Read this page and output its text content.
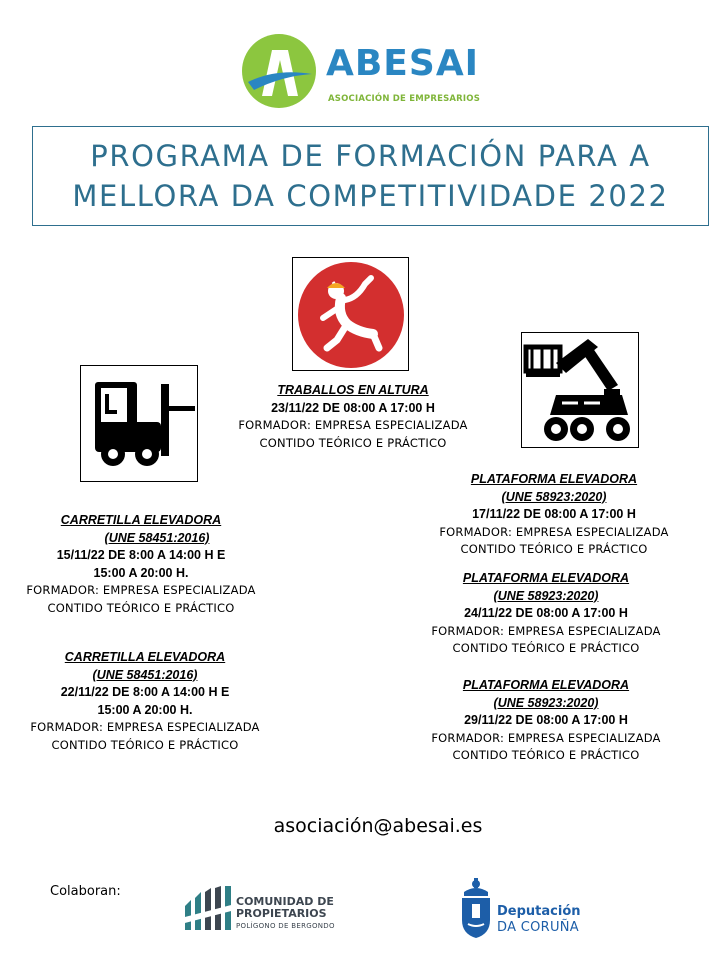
ABESAI
ASOCIACIÓN DE EMPRESARIOS
PROGRAMA DE FORMACIÓN PARA A
MELLORA DA COMPETITIVIDADE 2022
TRABALLOS EN ALTURA
23/11/22 DE 08:00 A 17:00 H
FORMADOR: EMPRESA ESPECIALIZADA
CONTIDO TEÓRICO E PRÁCTICO
CARRETILLA ELEVADORA
(UNE 58451:2016)
15/11/22 DE 8:00 A 14:00 H E
15:00 A 20:00 H.
FORMADOR: EMPRESA ESPECIALIZADA
CONTIDO TEÓRICO E PRÁCTICO
CARRETILLA ELEVADORA
(UNE 58451:2016)
22/11/22 DE 8:00 A 14:00 H E
15:00 A 20:00 H.
FORMADOR: EMPRESA ESPECIALIZADA
CONTIDO TEÓRICO E PRÁCTICO
PLATAFORMA ELEVADORA
(UNE 58923:2020)
17/11/22 DE 08:00 A 17:00 H
FORMADOR: EMPRESA ESPECIALIZADA
CONTIDO TEÓRICO E PRÁCTICO
PLATAFORMA ELEVADORA
(UNE 58923:2020)
24/11/22 DE 08:00 A 17:00 H
FORMADOR: EMPRESA ESPECIALIZADA
CONTIDO TEÓRICO E PRÁCTICO
PLATAFORMA ELEVADORA
(UNE 58923:2020)
29/11/22 DE 08:00 A 17:00 H
FORMADOR: EMPRESA ESPECIALIZADA
CONTIDO TEÓRICO E PRÁCTICO
asociación@abesai.es
Colaboran:
COMUNIDAD DE
PROPIETARIOS
POLÍGONO DE BERGONDO
Deputación
DA CORUÑA
